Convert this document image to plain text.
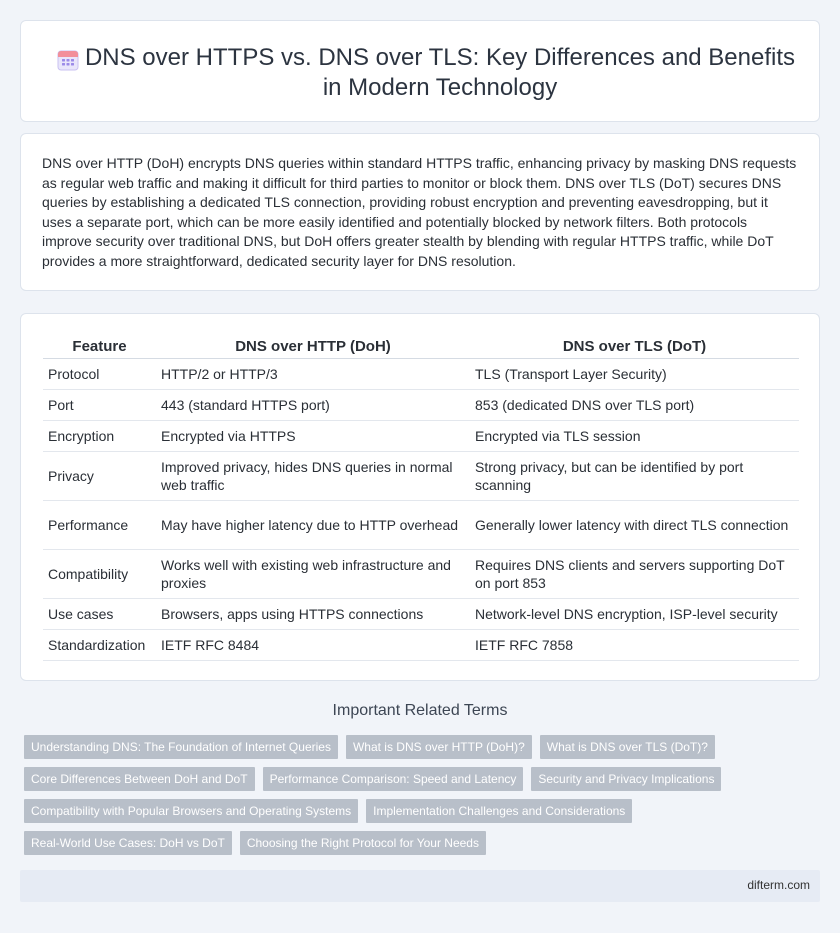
DNS over HTTPS vs. DNS over TLS: Key Differences and Benefits in Modern Technology

DNS over HTTP (DoH) encrypts DNS queries within standard HTTPS traffic, enhancing privacy by masking DNS requests as regular web traffic and making it difficult for third parties to monitor or block them. DNS over TLS (DoT) secures DNS queries by establishing a dedicated TLS connection, providing robust encryption and preventing eavesdropping, but it uses a separate port, which can be more easily identified and potentially blocked by network filters. Both protocols improve security over traditional DNS, but DoH offers greater stealth by blending with regular HTTPS traffic, while DoT provides a more straightforward, dedicated security layer for DNS resolution.

Feature	DNS over HTTP (DoH)	DNS over TLS (DoT)
Protocol	HTTP/2 or HTTP/3	TLS (Transport Layer Security)
Port	443 (standard HTTPS port)	853 (dedicated DNS over TLS port)
Encryption	Encrypted via HTTPS	Encrypted via TLS session
Privacy	Improved privacy, hides DNS queries in normal web traffic	Strong privacy, but can be identified by port scanning
Performance	May have higher latency due to HTTP overhead	Generally lower latency with direct TLS connection
Compatibility	Works well with existing web infrastructure and proxies	Requires DNS clients and servers supporting DoT on port 853
Use cases	Browsers, apps using HTTPS connections	Network-level DNS encryption, ISP-level security
Standardization	IETF RFC 8484	IETF RFC 7858
Important Related Terms
Understanding DNS: The Foundation of Internet Queries	What is DNS over HTTP (DoH)?	What is DNS over TLS (DoT)?
Core Differences Between DoH and DoT	Performance Comparison: Speed and Latency	Security and Privacy Implications
Compatibility with Popular Browsers and Operating Systems	Implementation Challenges and Considerations
Real-World Use Cases: DoH vs DoT	Choosing the Right Protocol for Your Needs
difterm.com
